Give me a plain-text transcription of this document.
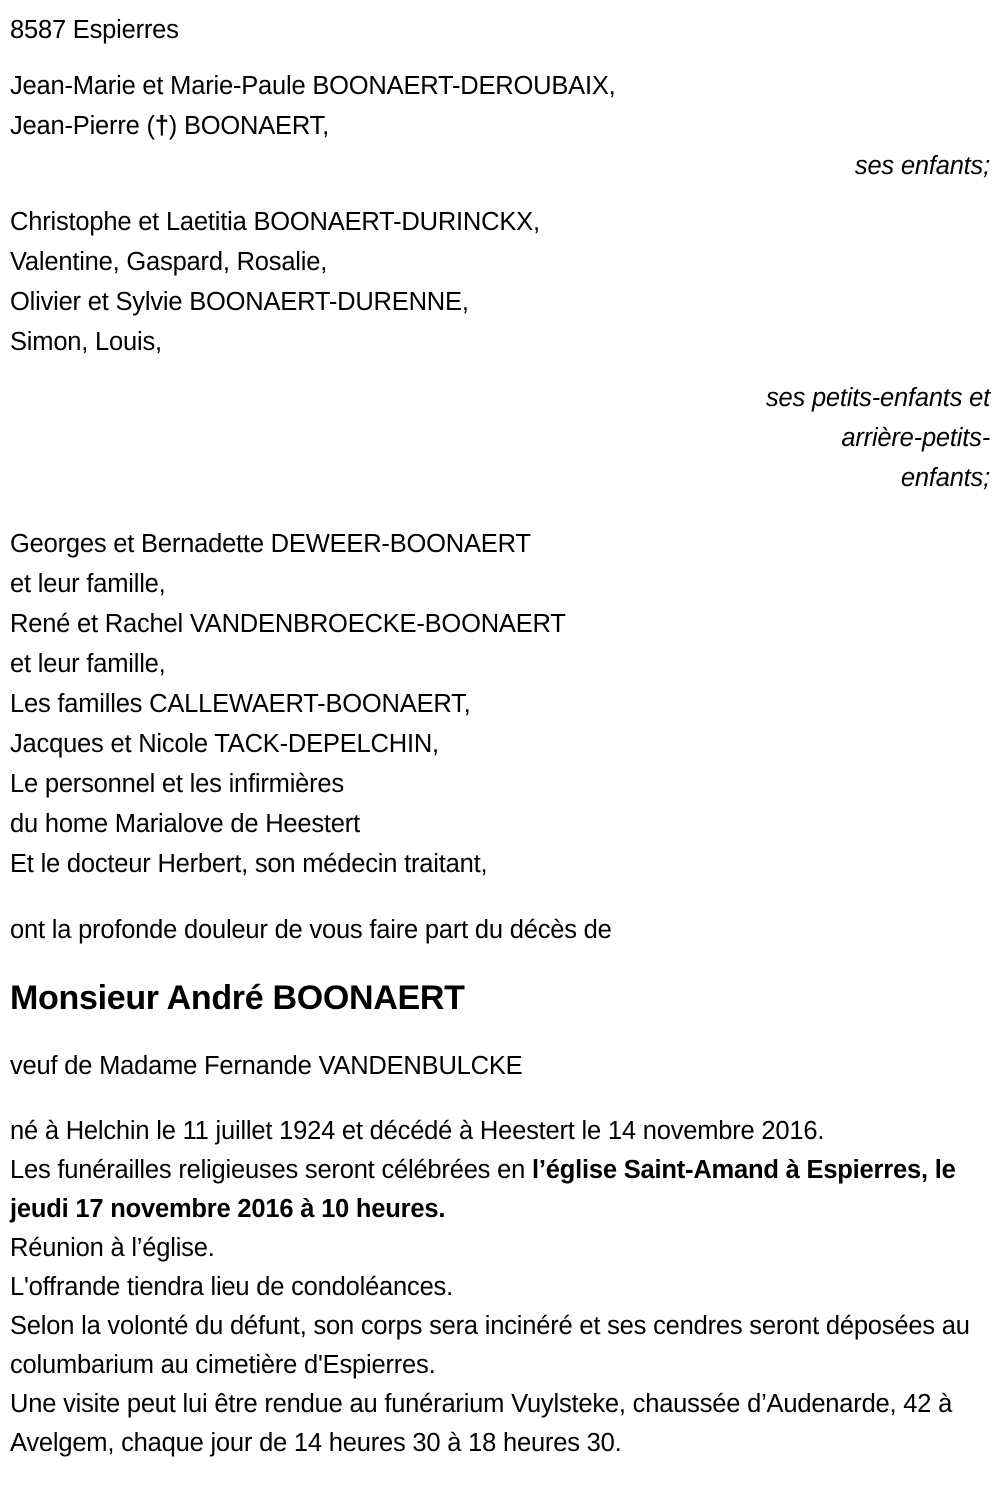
8587 Espierres
Jean-Marie et Marie-Paule BOONAERT-DEROUBAIX,
Jean-Pierre (†) BOONAERT,
ses enfants;
Christophe et Laetitia BOONAERT-DURINCKX,
Valentine, Gaspard, Rosalie,
Olivier et Sylvie BOONAERT-DURENNE,
Simon, Louis,
ses petits-enfants et arrière-petits-enfants;
Georges et Bernadette DEWEER-BOONAERT
et leur famille,
René et Rachel VANDENBROECKE-BOONAERT
et leur famille,
Les familles CALLEWAERT-BOONAERT,
Jacques et Nicole TACK-DEPELCHIN,
Le personnel et les infirmières
du home Marialove de Heestert
Et le docteur Herbert, son médecin traitant,
ont la profonde douleur de vous faire part du décès de
Monsieur André BOONAERT
veuf de Madame Fernande VANDENBULCKE
né à Helchin le 11 juillet 1924 et décédé à Heestert le 14 novembre 2016.
Les funérailles religieuses seront célébrées en l’église Saint-Amand à Espierres, le jeudi 17 novembre 2016 à 10 heures.
Réunion à l’église.
L'offrande tiendra lieu de condoléances.
Selon la volonté du défunt, son corps sera incinéré et ses cendres seront déposées au columbarium au cimetière d'Espierres.
Une visite peut lui être rendue au funérarium Vuylsteke, chaussée d’Audenarde, 42 à Avelgem, chaque jour de 14 heures 30 à 18 heures 30.
